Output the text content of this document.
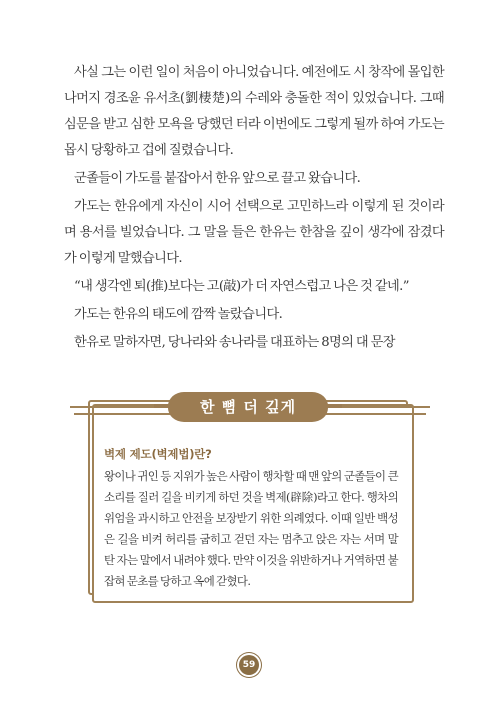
사실 그는 이런 일이 처음이 아니었습니다. 예전에도 시 창작에 몰입한 나머지 경조윤 유서초(劉棲楚)의 수레와 충돌한 적이 있었습니다. 그때 심문을 받고 심한 모욕을 당했던 터라 이번에도 그렇게 될까 하여 가도는 몹시 당황하고 겁에 질렸습니다.

군졸들이 가도를 붙잡아서 한유 앞으로 끌고 왔습니다.

가도는 한유에게 자신이 시어 선택으로 고민하느라 이렇게 된 것이라며 용서를 빌었습니다. 그 말을 들은 한유는 한참을 깊이 생각에 잠겼다가 이렇게 말했습니다.

“내 생각엔 퇴(推)보다는 고(敲)가 더 자연스럽고 나은 것 같네.”

가도는 한유의 태도에 깜짝 놀랐습니다.

한유로 말하자면, 당나라와 송나라를 대표하는 8명의 대 문장

벽제 제도(벽제법)란?
왕이나 귀인 등 지위가 높은 사람이 행차할 때 맨 앞의 군졸들이 큰 소리를 질러 길을 비키게 하던 것을 벽제(辟除)라고 한다. 행차의 위엄을 과시하고 안전을 보장받기 위한 의례였다. 이때 일반 백성은 길을 비켜 허리를 굽히고 걷던 자는 멈추고 앉은 자는 서며 말 탄 자는 말에서 내려야 했다. 만약 이것을 위반하거나 거역하면 붙잡혀 문초를 당하고 옥에 갇혔다.
한 뼘 더 깊게
59
